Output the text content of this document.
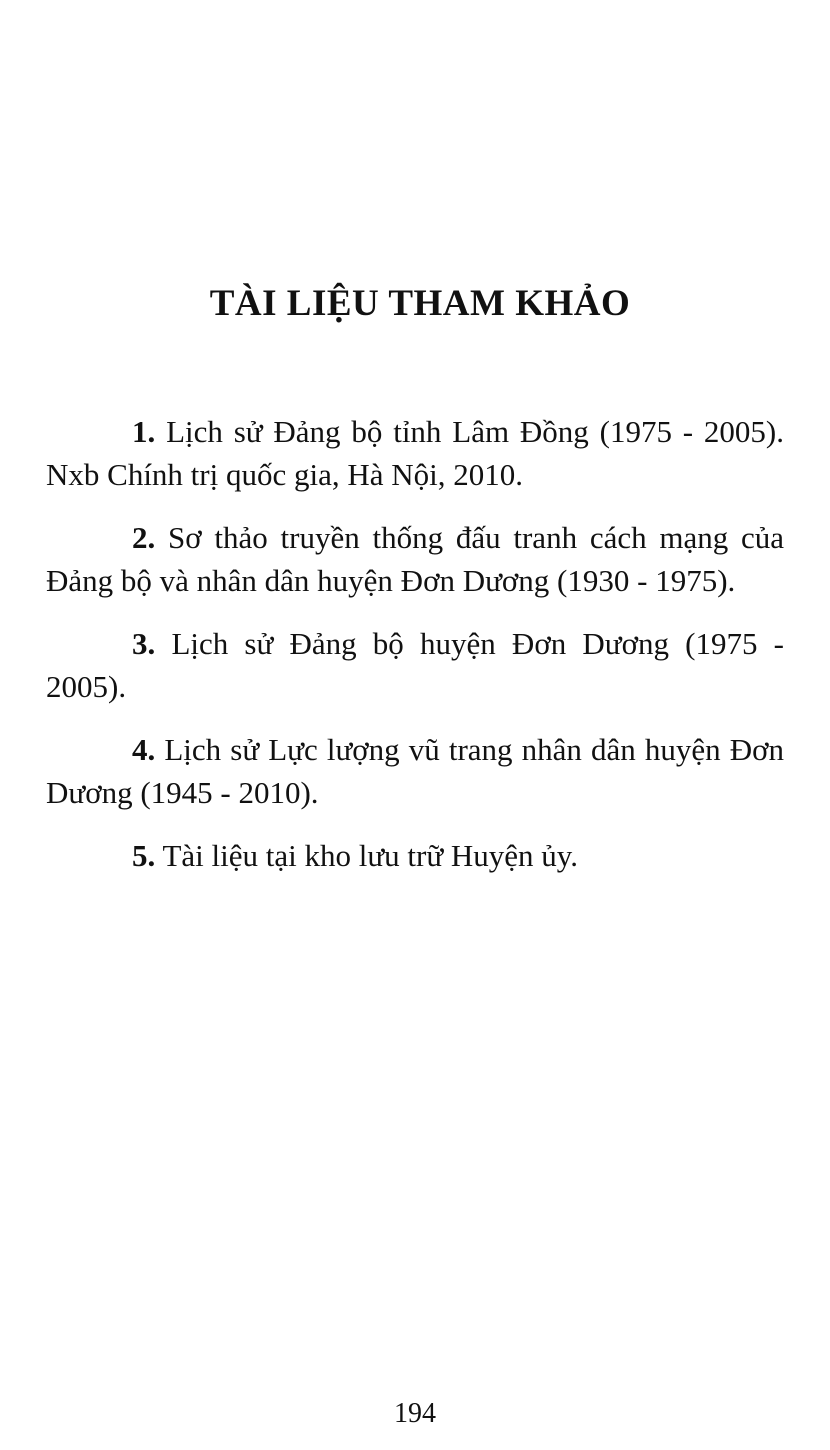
TÀI LIỆU THAM KHẢO
1. Lịch sử Đảng bộ tỉnh Lâm Đồng (1975 - 2005). Nxb Chính trị quốc gia, Hà Nội, 2010.
2. Sơ thảo truyền thống đấu tranh cách mạng của Đảng bộ và nhân dân huyện Đơn Dương (1930 - 1975).
3. Lịch sử Đảng bộ huyện Đơn Dương (1975 - 2005).
4. Lịch sử Lực lượng vũ trang nhân dân huyện Đơn Dương (1945 - 2010).
5. Tài liệu tại kho lưu trữ Huyện ủy.
194
